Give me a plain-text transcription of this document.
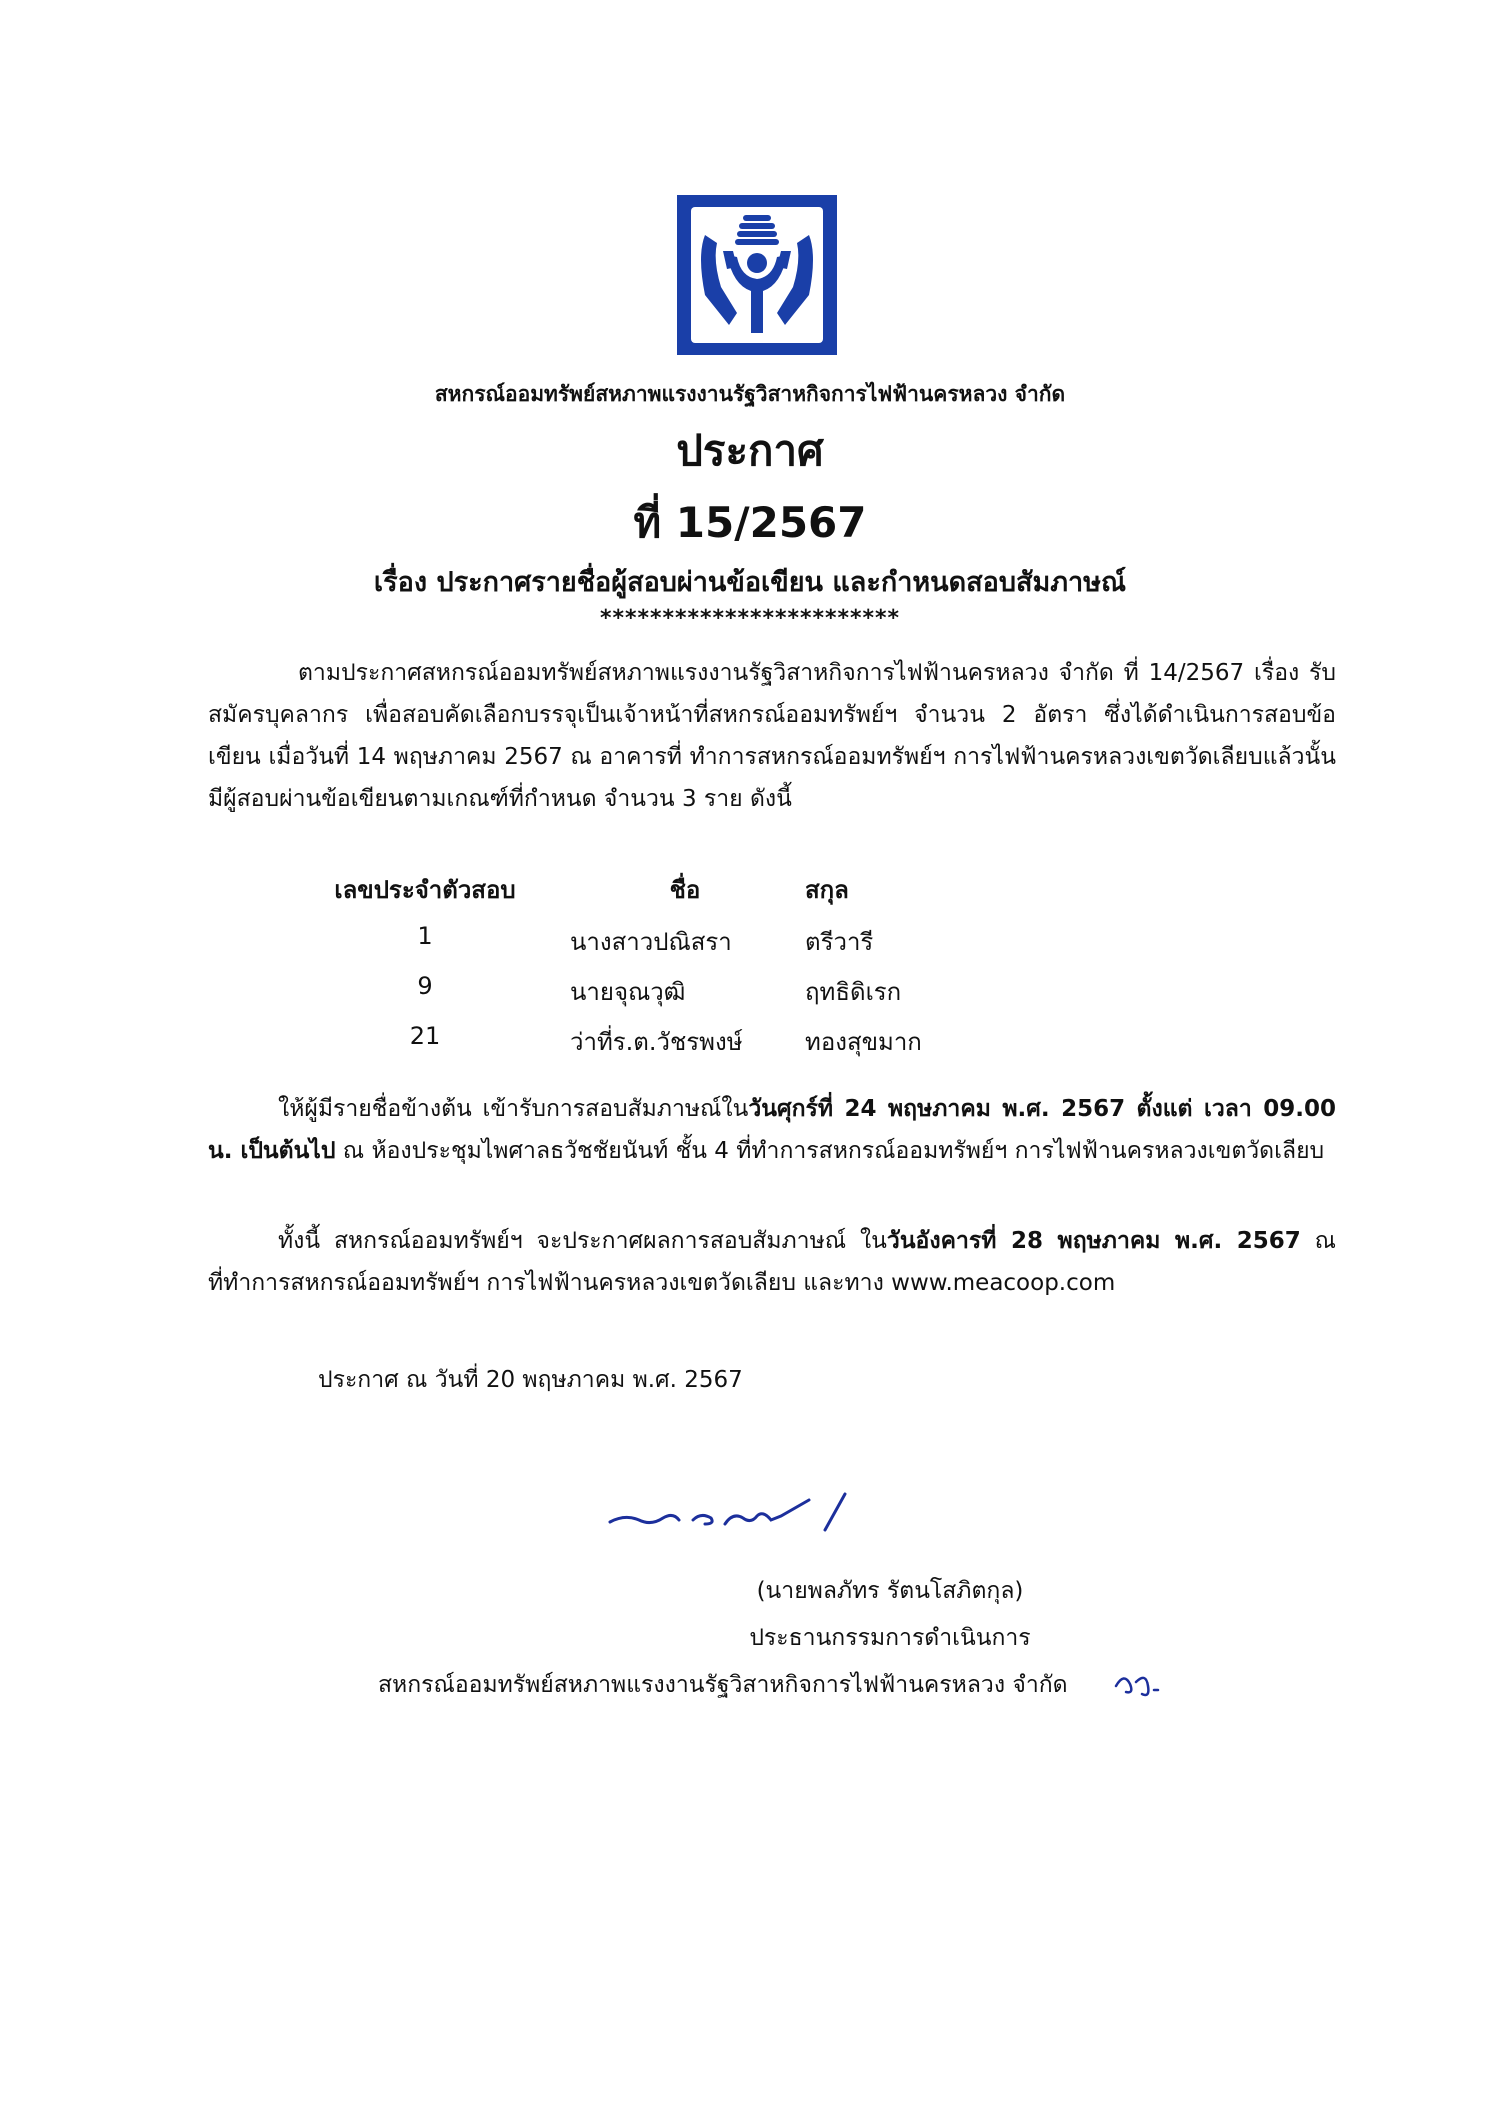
สหกรณ์ออมทรัพย์สหภาพแรงงานรัฐวิสาหกิจการไฟฟ้านครหลวง จำกัด
ประกาศ
ที่ 15/2567
เรื่อง ประกาศรายชื่อผู้สอบผ่านข้อเขียน และกำหนดสอบสัมภาษณ์
************************
ตามประกาศสหกรณ์ออมทรัพย์สหภาพแรงงานรัฐวิสาหกิจการไฟฟ้านครหลวง จำกัด ที่ 14/2567 เรื่อง รับสมัครบุคลากร เพื่อสอบคัดเลือกบรรจุเป็นเจ้าหน้าที่สหกรณ์ออมทรัพย์ฯ จำนวน 2 อัตรา ซึ่งได้ดำเนินการสอบข้อเขียน เมื่อวันที่ 14 พฤษภาคม 2567 ณ อาคารที่ ทำการสหกรณ์ออมทรัพย์ฯ การไฟฟ้านครหลวงเขตวัดเลียบแล้วนั้น มีผู้สอบผ่านข้อเขียนตามเกณฑ์ที่กำหนด จำนวน 3 ราย ดังนี้
เลขประจำตัวสอบ	ชื่อ	สกุล
1	นางสาวปณิสรา	ตรีวารี
9	นายจุณวุฒิ	ฤทธิดิเรก
21	ว่าที่ร.ต.วัชรพงษ์	ทองสุขมาก
ให้ผู้มีรายชื่อข้างต้น เข้ารับการสอบสัมภาษณ์ในวันศุกร์ที่ 24 พฤษภาคม พ.ศ. 2567 ตั้งแต่ เวลา 09.00 น. เป็นต้นไป ณ ห้องประชุมไพศาลธวัชชัยนันท์ ชั้น 4 ที่ทำการสหกรณ์ออมทรัพย์ฯ การไฟฟ้านครหลวงเขตวัดเลียบ
ทั้งนี้ สหกรณ์ออมทรัพย์ฯ จะประกาศผลการสอบสัมภาษณ์ ในวันอังคารที่ 28 พฤษภาคม พ.ศ. 2567 ณ ที่ทำการสหกรณ์ออมทรัพย์ฯ การไฟฟ้านครหลวงเขตวัดเลียบ และทาง www.meacoop.com
ประกาศ ณ วันที่ 20 พฤษภาคม พ.ศ. 2567
(นายพลภัทร รัตนโสภิตกุล)
ประธานกรรมการดำเนินการ
สหกรณ์ออมทรัพย์สหภาพแรงงานรัฐวิสาหกิจการไฟฟ้านครหลวง จำกัด
